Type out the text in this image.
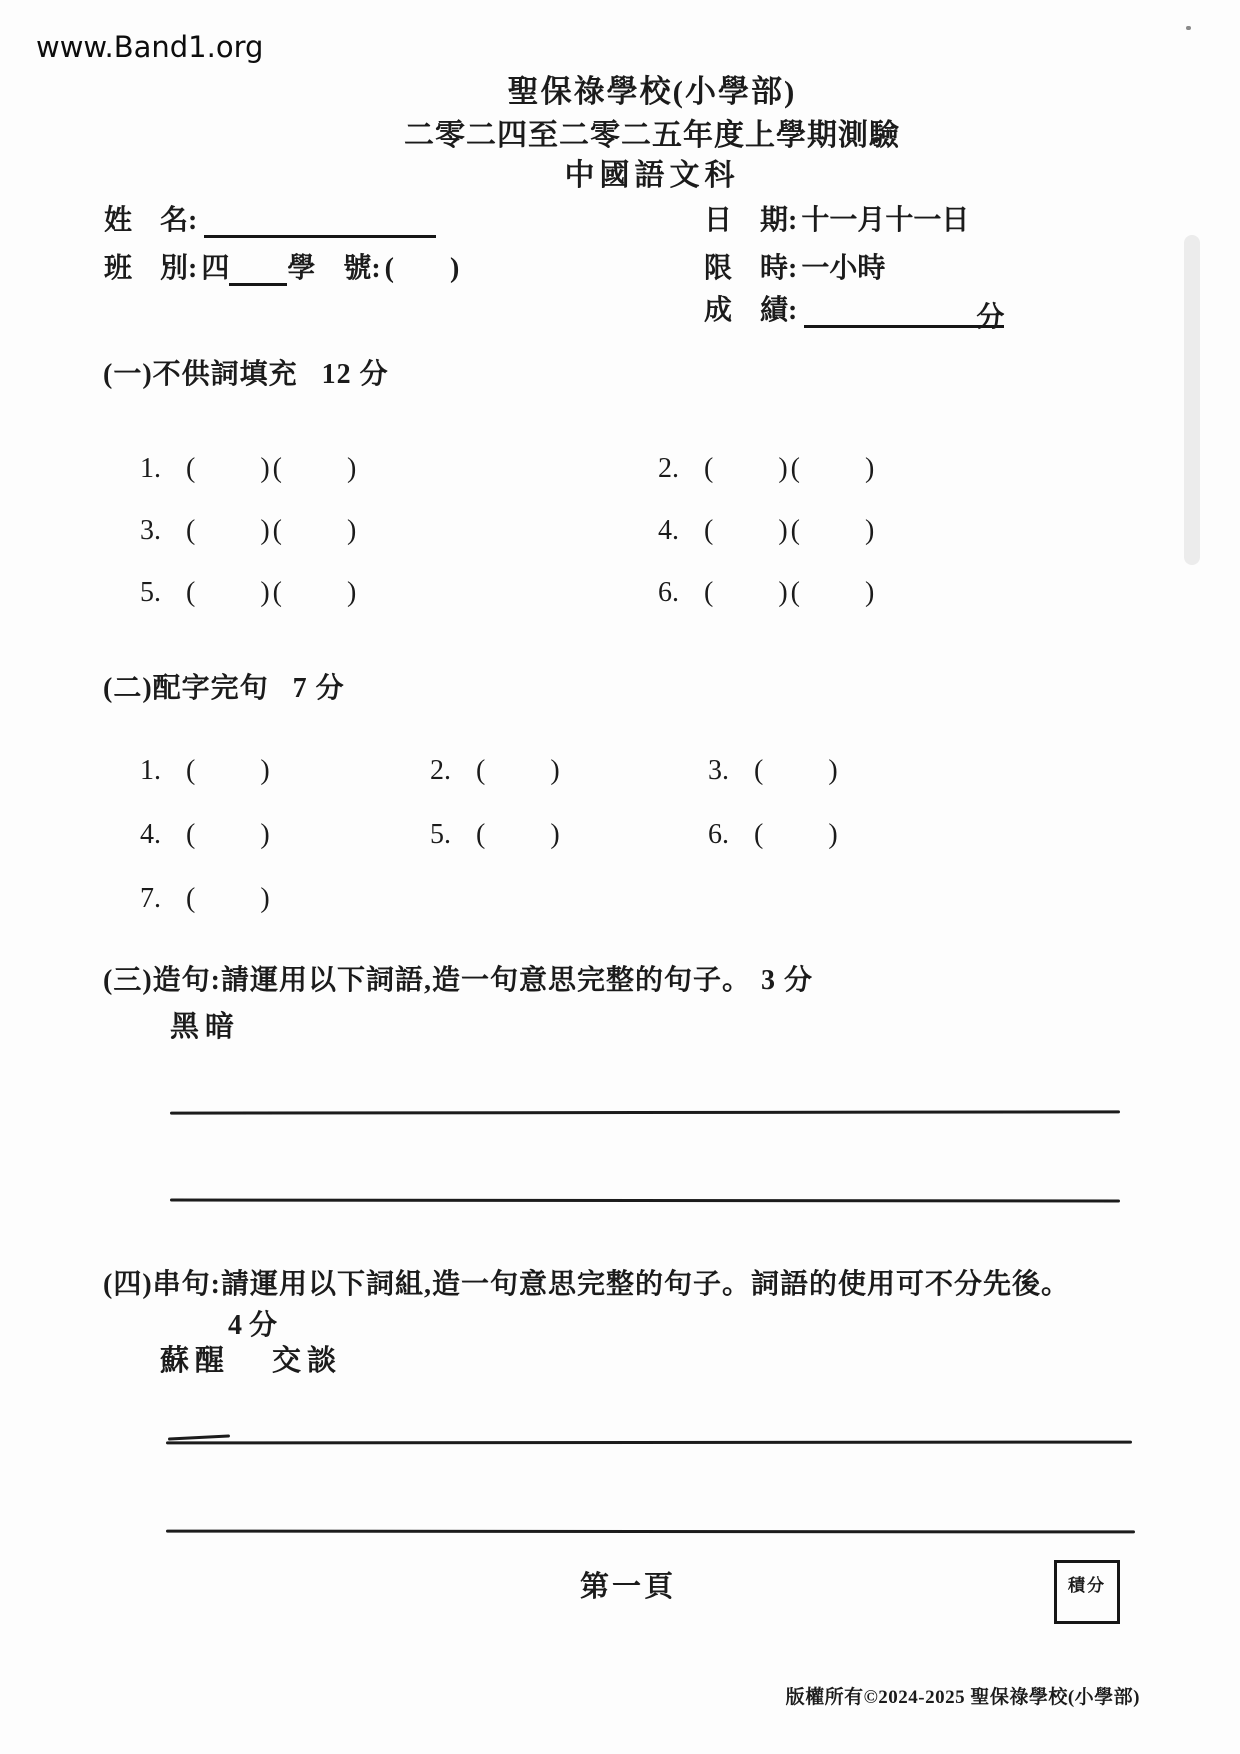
www.Band1.org
聖保祿學校(小學部)
二零二四至二零二五年度上學期測驗
中國語文科
姓　名:
班　別: 四 學　號: (　　)
日　期: 十一月十一日
限　時: 一小時
成　績:	分
(一)不供詞填充 12 分
1. (　　)(　　)	2. (　　)(　　)
3. (　　)(　　)	4. (　　)(　　)
5. (　　)(　　)	6. (　　)(　　)
(二)配字完句 7 分
1. (　　)	2. (　　)	3. (　　)
4. (　　)	5. (　　)	6. (　　)
7. (　　)
(三)造句:請運用以下詞語,造一句意思完整的句子。 3 分
黑暗
(四)串句:請運用以下詞組,造一句意思完整的句子。詞語的使用可不分先後。
4 分
蘇醒 交談
第一頁	積分
版權所有©2024-2025 聖保祿學校(小學部)
